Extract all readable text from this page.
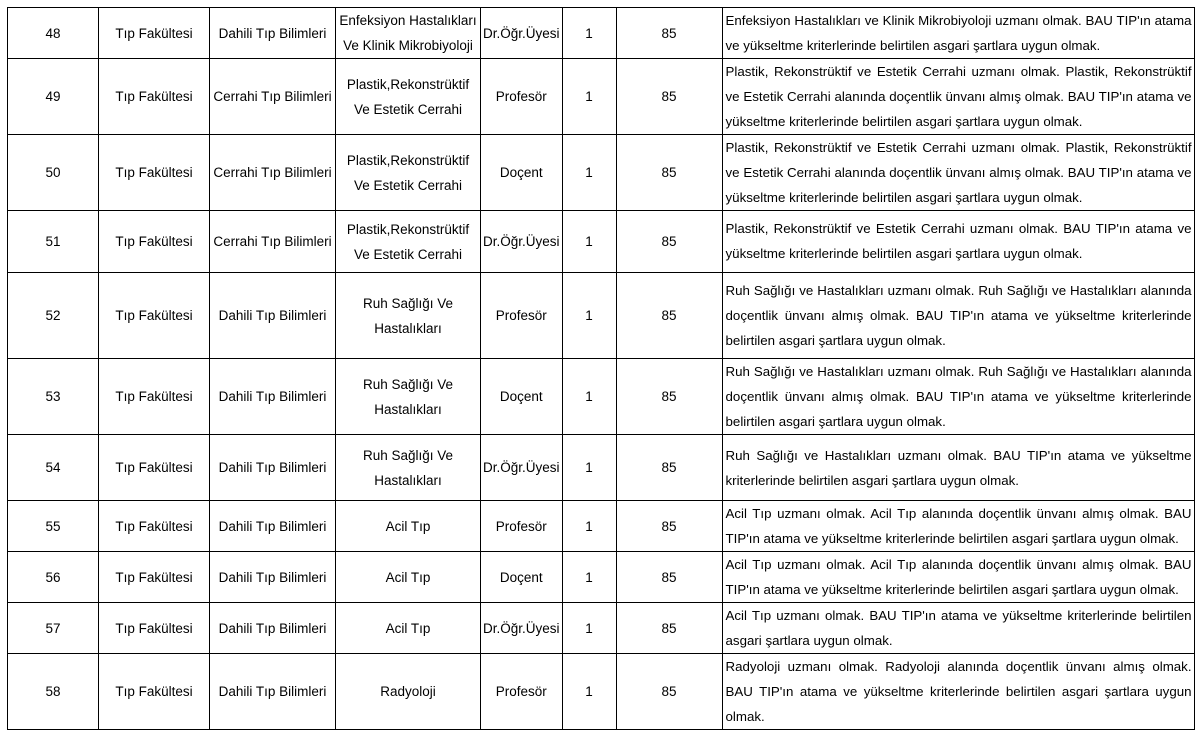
48	Tıp Fakültesi	Dahili Tıp Bilimleri	Enfeksiyon Hastalıkları Ve Klinik Mikrobiyoloji	Dr.Öğr.Üyesi	1	85	Enfeksiyon Hastalıkları ve Klinik Mikrobiyoloji uzmanı olmak. BAU TIP'ın atama ve yükseltme kriterlerinde belirtilen asgari şartlara uygun olmak.
49	Tıp Fakültesi	Cerrahi Tıp Bilimleri	Plastik,Rekonstrüktif Ve Estetik Cerrahi	Profesör	1	85	Plastik, Rekonstrüktif ve Estetik Cerrahi uzmanı olmak. Plastik, Rekonstrüktif ve Estetik Cerrahi alanında doçentlik ünvanı almış olmak. BAU TIP'ın atama ve yükseltme kriterlerinde belirtilen asgari şartlara uygun olmak.
50	Tıp Fakültesi	Cerrahi Tıp Bilimleri	Plastik,Rekonstrüktif Ve Estetik Cerrahi	Doçent	1	85	Plastik, Rekonstrüktif ve Estetik Cerrahi uzmanı olmak. Plastik, Rekonstrüktif ve Estetik Cerrahi alanında doçentlik ünvanı almış olmak. BAU TIP'ın atama ve yükseltme kriterlerinde belirtilen asgari şartlara uygun olmak.
51	Tıp Fakültesi	Cerrahi Tıp Bilimleri	Plastik,Rekonstrüktif Ve Estetik Cerrahi	Dr.Öğr.Üyesi	1	85	Plastik, Rekonstrüktif ve Estetik Cerrahi uzmanı olmak. BAU TIP'ın atama ve yükseltme kriterlerinde belirtilen asgari şartlara uygun olmak.
52	Tıp Fakültesi	Dahili Tıp Bilimleri	Ruh Sağlığı Ve Hastalıkları	Profesör	1	85	Ruh Sağlığı ve Hastalıkları uzmanı olmak. Ruh Sağlığı ve Hastalıkları alanında doçentlik ünvanı almış olmak. BAU TIP'ın atama ve yükseltme kriterlerinde belirtilen asgari şartlara uygun olmak.
53	Tıp Fakültesi	Dahili Tıp Bilimleri	Ruh Sağlığı Ve Hastalıkları	Doçent	1	85	Ruh Sağlığı ve Hastalıkları uzmanı olmak. Ruh Sağlığı ve Hastalıkları alanında doçentlik ünvanı almış olmak. BAU TIP'ın atama ve yükseltme kriterlerinde belirtilen asgari şartlara uygun olmak.
54	Tıp Fakültesi	Dahili Tıp Bilimleri	Ruh Sağlığı Ve Hastalıkları	Dr.Öğr.Üyesi	1	85	Ruh Sağlığı ve Hastalıkları uzmanı olmak. BAU TIP'ın atama ve yükseltme kriterlerinde belirtilen asgari şartlara uygun olmak.
55	Tıp Fakültesi	Dahili Tıp Bilimleri	Acil Tıp	Profesör	1	85	Acil Tıp uzmanı olmak. Acil Tıp alanında doçentlik ünvanı almış olmak. BAU TIP'ın atama ve yükseltme kriterlerinde belirtilen asgari şartlara uygun olmak.
56	Tıp Fakültesi	Dahili Tıp Bilimleri	Acil Tıp	Doçent	1	85	Acil Tıp uzmanı olmak. Acil Tıp alanında doçentlik ünvanı almış olmak. BAU TIP'ın atama ve yükseltme kriterlerinde belirtilen asgari şartlara uygun olmak.
57	Tıp Fakültesi	Dahili Tıp Bilimleri	Acil Tıp	Dr.Öğr.Üyesi	1	85	Acil Tıp uzmanı olmak. BAU TIP'ın atama ve yükseltme kriterlerinde belirtilen asgari şartlara uygun olmak.
58	Tıp Fakültesi	Dahili Tıp Bilimleri	Radyoloji	Profesör	1	85	Radyoloji uzmanı olmak. Radyoloji alanında doçentlik ünvanı almış olmak. BAU TIP'ın atama ve yükseltme kriterlerinde belirtilen asgari şartlara uygun olmak.
